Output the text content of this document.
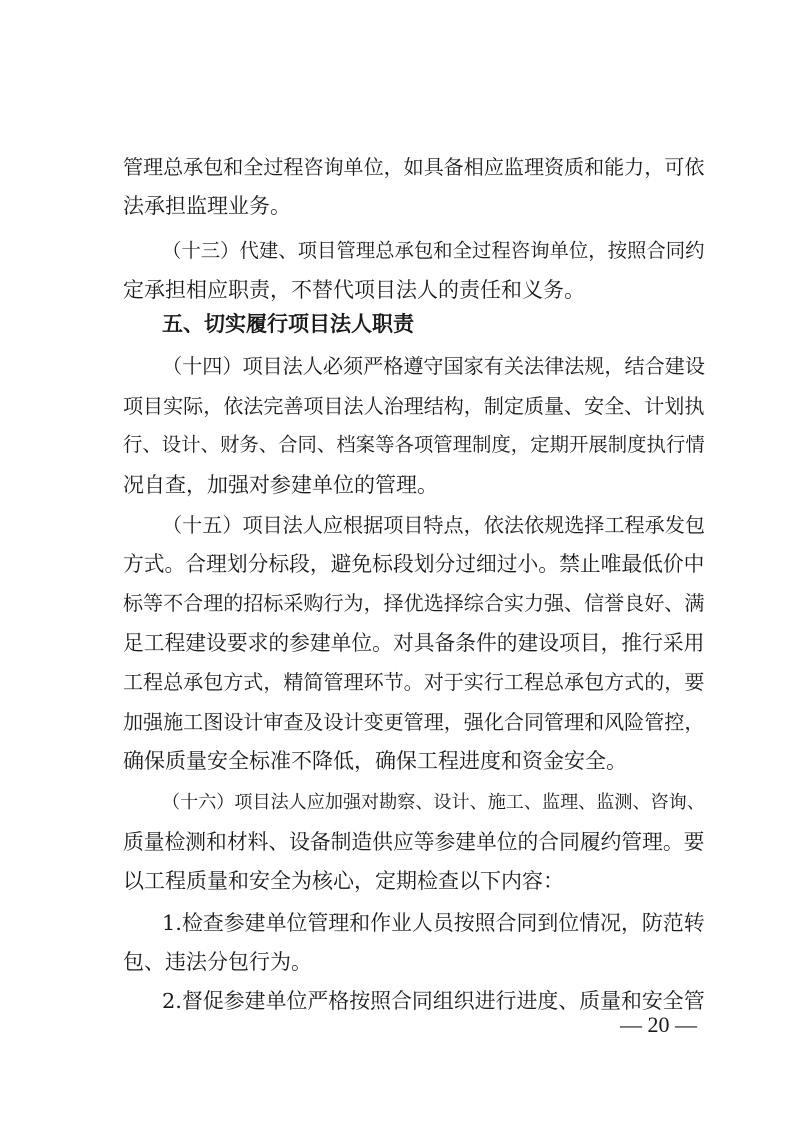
管理总承包和全过程咨询单位，如具备相应监理资质和能力，可依
法承担监理业务。
（十三）代建、项目管理总承包和全过程咨询单位，按照合同约
定承担相应职责，不替代项目法人的责任和义务。
五、切实履行项目法人职责
（十四）项目法人必须严格遵守国家有关法律法规，结合建设
项目实际，依法完善项目法人治理结构，制定质量、安全、计划执
行、设计、财务、合同、档案等各项管理制度，定期开展制度执行情
况自查，加强对参建单位的管理。
（十五）项目法人应根据项目特点，依法依规选择工程承发包
方式。合理划分标段，避免标段划分过细过小。禁止唯最低价中
标等不合理的招标采购行为，择优选择综合实力强、信誉良好、满
足工程建设要求的参建单位。对具备条件的建设项目，推行采用
工程总承包方式，精简管理环节。对于实行工程总承包方式的，要
加强施工图设计审查及设计变更管理，强化合同管理和风险管控，
确保质量安全标准不降低，确保工程进度和资金安全。
（十六）项目法人应加强对勘察、设计、施工、监理、监测、咨询、
质量检测和材料、设备制造供应等参建单位的合同履约管理。要
以工程质量和安全为核心，定期检查以下内容：
1.检查参建单位管理和作业人员按照合同到位情况，防范转
包、违法分包行为。
2.督促参建单位严格按照合同组织进行进度、质量和安全管
— 20 —
